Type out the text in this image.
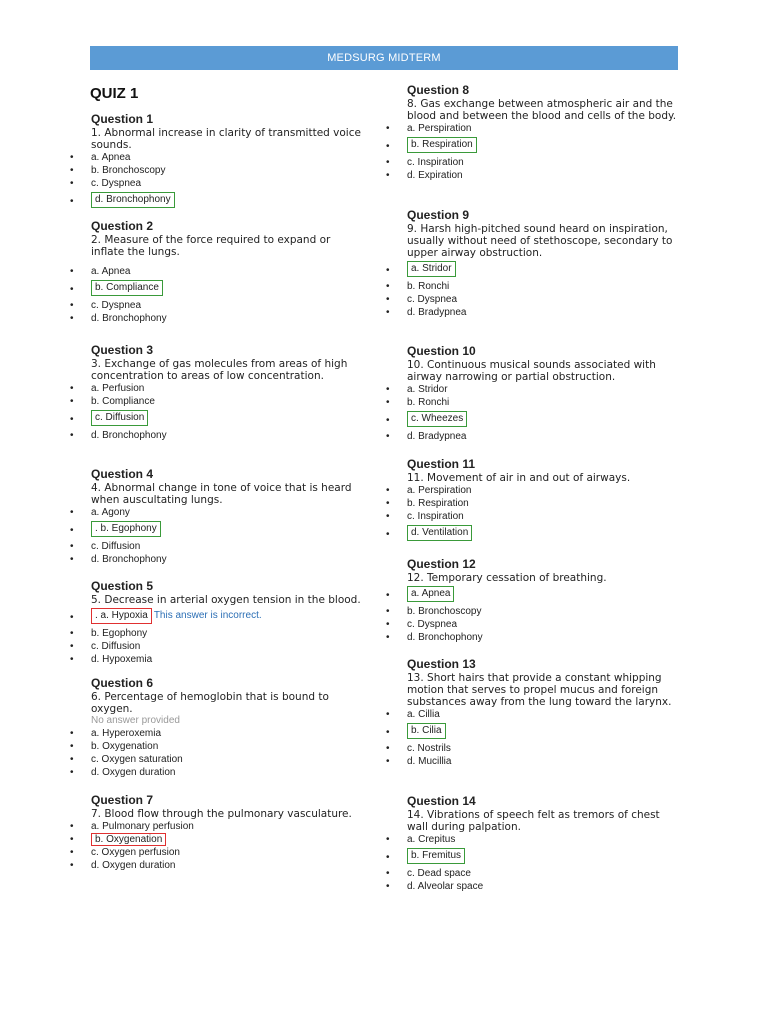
MEDSURG MIDTERM
QUIZ 1

Question 1

1. Abnormal increase in clarity of transmitted voice sounds.

• a. Apnea
• b. Bronchoscopy
• c. Dyspnea
• d. Bronchophony

Question 2

2. Measure of the force required to expand or inflate the lungs.

• a. Apnea
• b. Compliance
• c. Dyspnea
• d. Bronchophony

Question 3

3. Exchange of gas molecules from areas of high concentration to areas of low concentration.

• a. Perfusion
• b. Compliance
• c. Diffusion
• d. Bronchophony

Question 4

4. Abnormal change in tone of voice that is heard when auscultating lungs.

• a. Agony
• . b. Egophony
• c. Diffusion
• d. Bronchophony

Question 5

5. Decrease in arterial oxygen tension in the blood.

• . a. Hypoxia This answer is incorrect.
• b. Egophony
• c. Diffusion
• d. Hypoxemia

Question 6

6. Percentage of hemoglobin that is bound to oxygen.

No answer provided
• a. Hyperoxemia
• b. Oxygenation
• c. Oxygen saturation
• d. Oxygen duration

Question 7

7. Blood flow through the pulmonary vasculature.

• a. Pulmonary perfusion
• b. Oxygenation
• c. Oxygen perfusion
• d. Oxygen duration

Question 8

8. Gas exchange between atmospheric air and the blood and between the blood and cells of the body.

• a. Perspiration
• b. Respiration
• c. Inspiration
• d. Expiration

Question 9

9. Harsh high-pitched sound heard on inspiration, usually without need of stethoscope, secondary to upper airway obstruction.

• a. Stridor
• b. Ronchi
• c. Dyspnea
• d. Bradypnea

Question 10

10. Continuous musical sounds associated with airway narrowing or partial obstruction.

• a. Stridor
• b. Ronchi
• c. Wheezes
• d. Bradypnea

Question 11

11. Movement of air in and out of airways.

• a. Perspiration
• b. Respiration
• c. Inspiration
• d. Ventilation

Question 12

12. Temporary cessation of breathing.

• a. Apnea
• b. Bronchoscopy
• c. Dyspnea
• d. Bronchophony

Question 13

13. Short hairs that provide a constant whipping motion that serves to propel mucus and foreign substances away from the lung toward the larynx.

• a. Cillia
• b. Cilia
• c. Nostrils
• d. Mucillia

Question 14

14. Vibrations of speech felt as tremors of chest wall during palpation.

• a. Crepitus
• b. Fremitus
• c. Dead space
• d. Alveolar space
